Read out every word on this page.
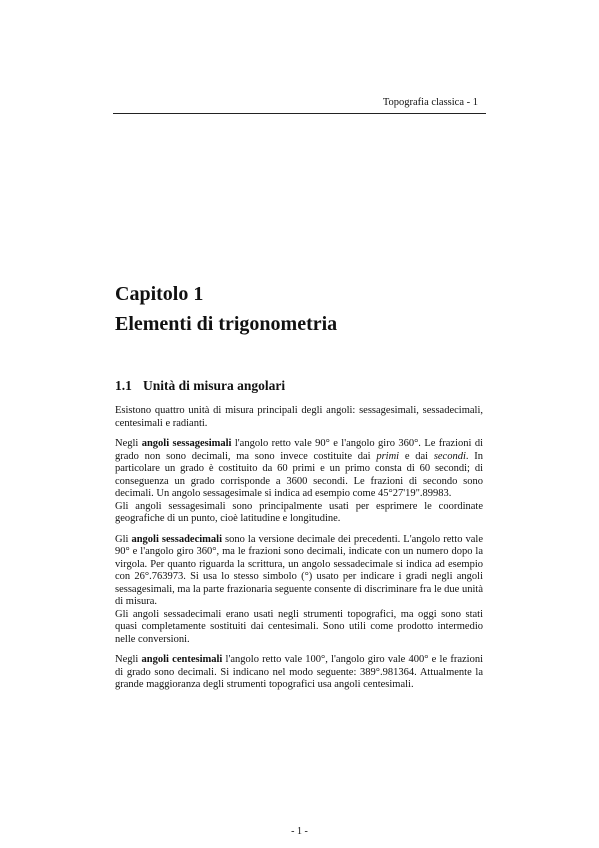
Topografia classica - 1
Capitolo 1
Elementi di trigonometria
1.1 Unità di misura angolari

Esistono quattro unità di misura principali degli angoli: sessagesimali, sessadecimali, centesimali e radianti.

Negli angoli sessagesimali l'angolo retto vale 90° e l'angolo giro 360°. Le frazioni di grado non sono decimali, ma sono invece costituite dai primi e dai secondi. In particolare un grado è costituito da 60 primi e un primo consta di 60 secondi; di conseguenza un grado corrisponde a 3600 secondi. Le frazioni di secondo sono decimali. Un angolo sessagesimale si indica ad esempio come 45°27'19".89983.

Gli angoli sessagesimali sono principalmente usati per esprimere le coordinate geografiche di un punto, cioè latitudine e longitudine.

Gli angoli sessadecimali sono la versione decimale dei precedenti. L'angolo retto vale 90° e l'angolo giro 360°, ma le frazioni sono decimali, indicate con un numero dopo la virgola. Per quanto riguarda la scrittura, un angolo sessadecimale si indica ad esempio con 26°.763973. Si usa lo stesso simbolo (°) usato per indicare i gradi negli angoli sessagesimali, ma la parte frazionaria seguente consente di discriminare fra le due unità di misura.

Gli angoli sessadecimali erano usati negli strumenti topografici, ma oggi sono stati quasi completamente sostituiti dai centesimali. Sono utili come prodotto intermedio nelle conversioni.

Negli angoli centesimali l'angolo retto vale 100°, l'angolo giro vale 400° e le frazioni di grado sono decimali. Si indicano nel modo seguente: 389°.981364. Attualmente la grande maggioranza degli strumenti topografici usa angoli centesimali.

- 1 -
